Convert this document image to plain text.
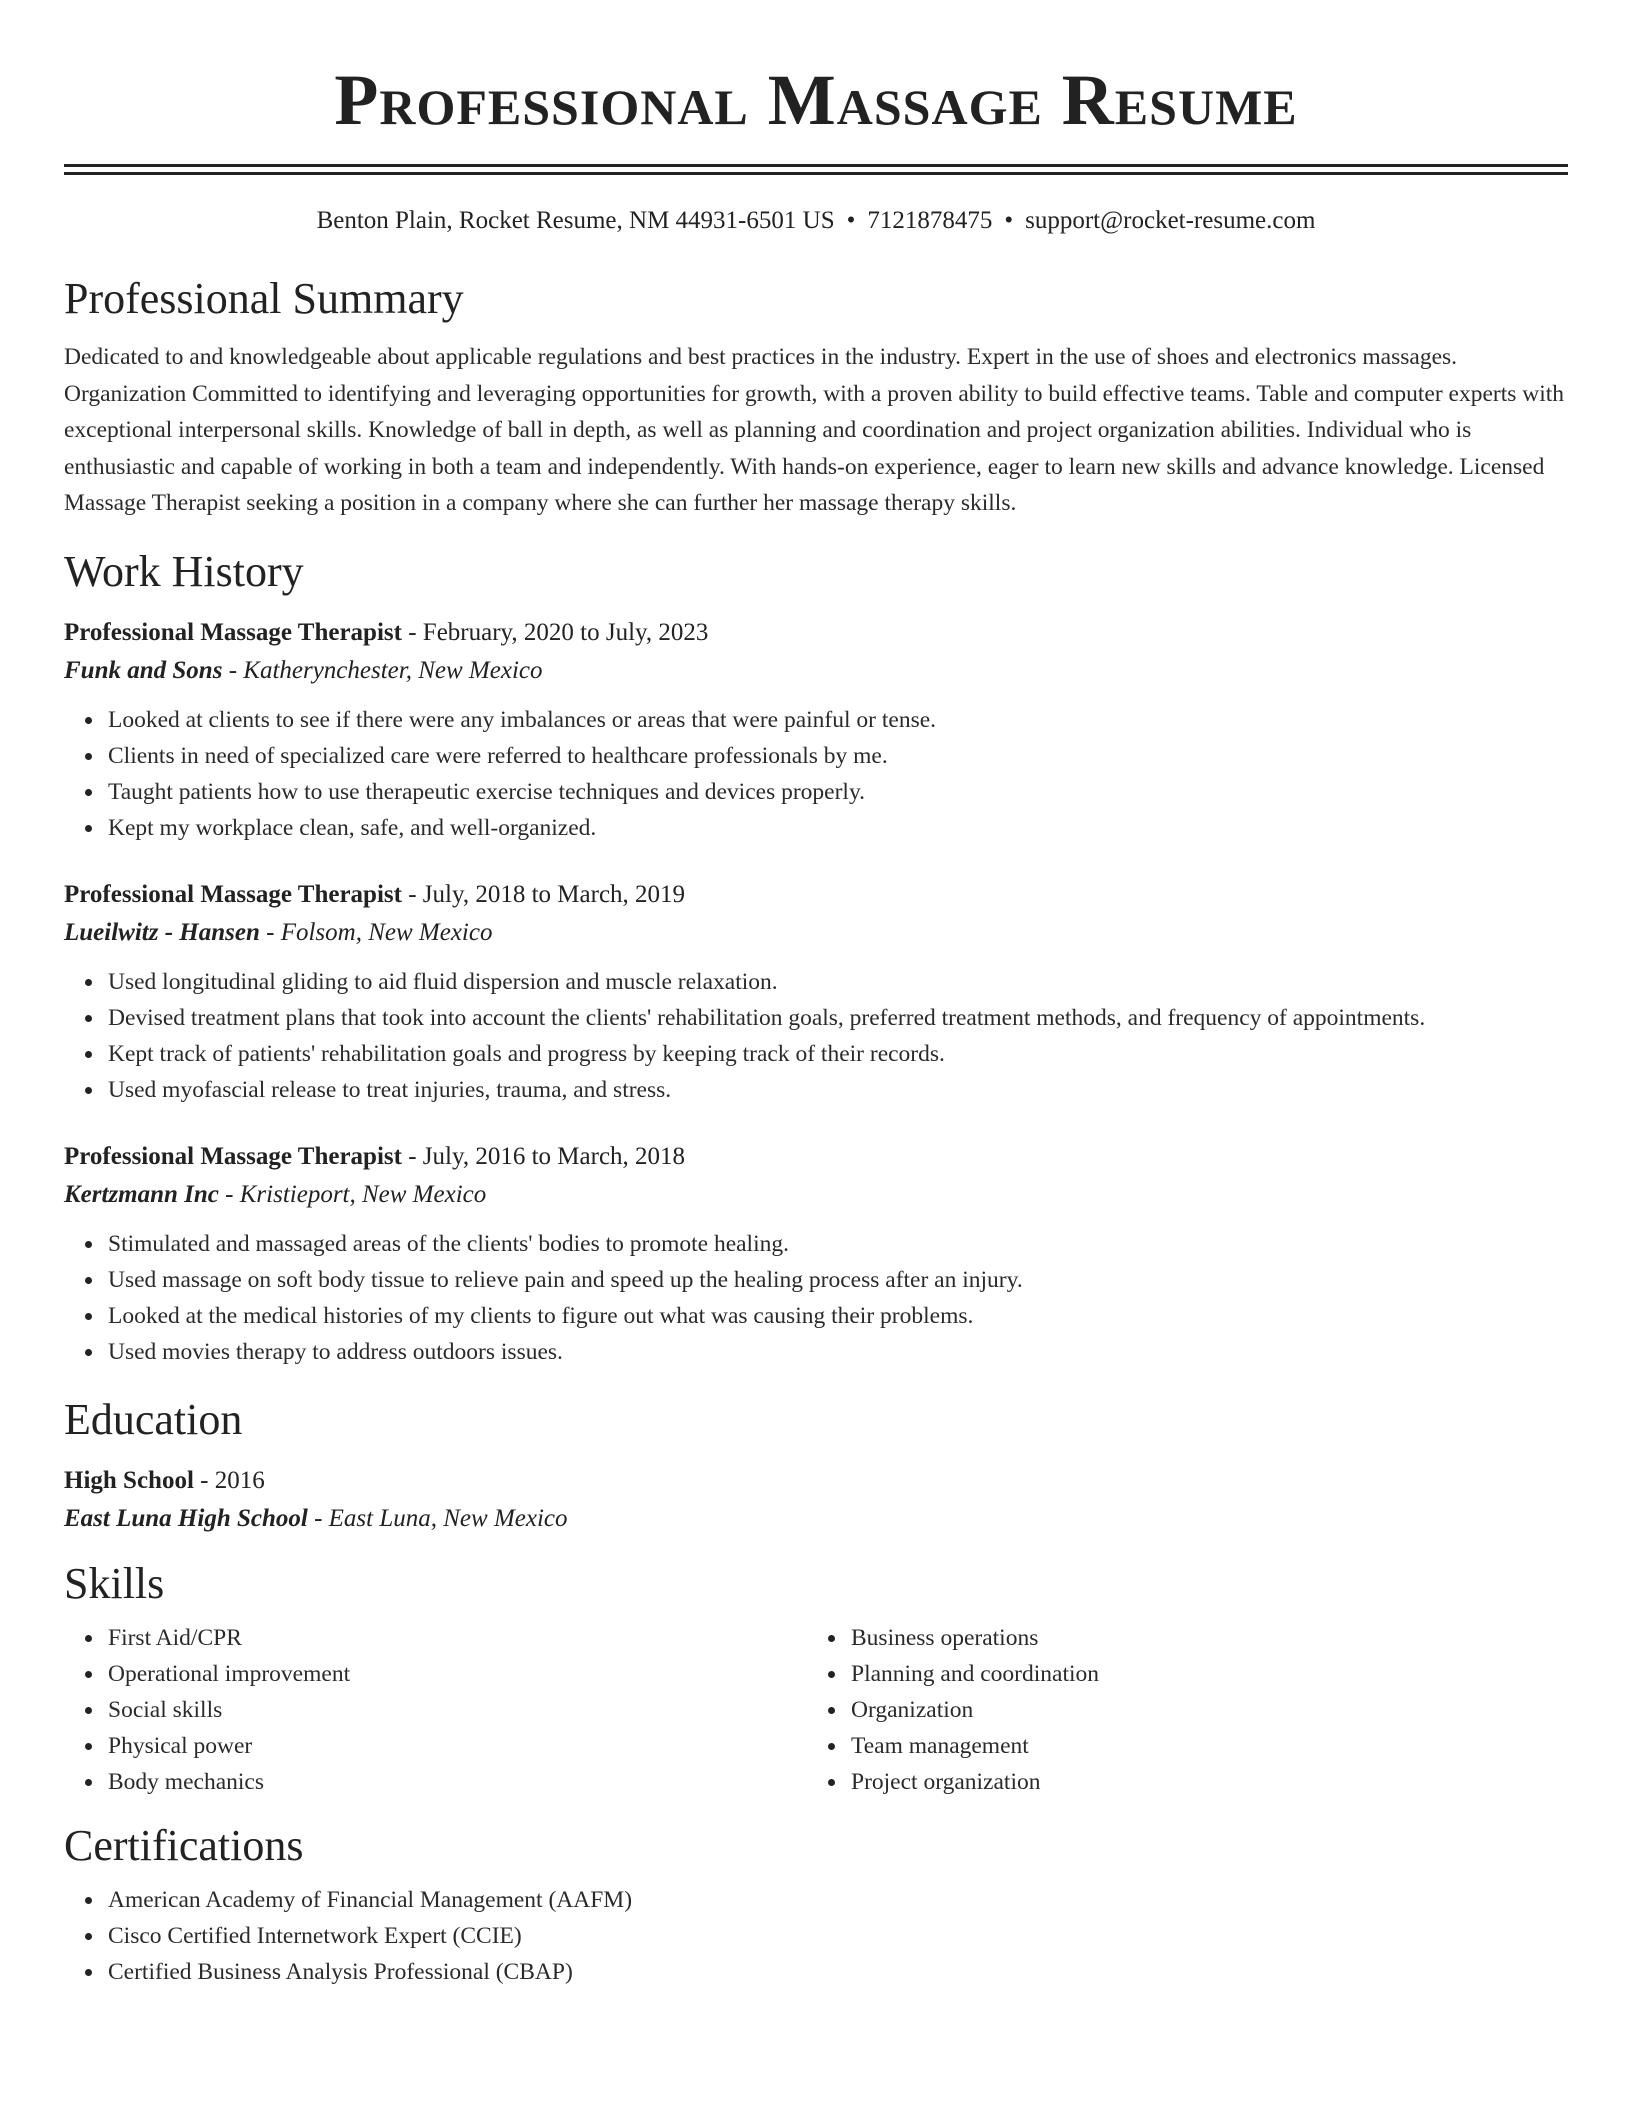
Professional Massage Resume
Benton Plain, Rocket Resume, NM 44931-6501 US • 7121878475 • support@rocket-resume.com
Professional Summary

Dedicated to and knowledgeable about applicable regulations and best practices in the industry. Expert in the use of shoes and electronics massages. Organization Committed to identifying and leveraging opportunities for growth, with a proven ability to build effective teams. Table and computer experts with exceptional interpersonal skills. Knowledge of ball in depth, as well as planning and coordination and project organization abilities. Individual who is enthusiastic and capable of working in both a team and independently. With hands-on experience, eager to learn new skills and advance knowledge. Licensed Massage Therapist seeking a position in a company where she can further her massage therapy skills.

Work History
Professional Massage Therapist - February, 2020 to July, 2023
Funk and Sons - Katherynchester, New Mexico
Looked at clients to see if there were any imbalances or areas that were painful or tense.
Clients in need of specialized care were referred to healthcare professionals by me.
Taught patients how to use therapeutic exercise techniques and devices properly.
Kept my workplace clean, safe, and well-organized.
Professional Massage Therapist - July, 2018 to March, 2019
Lueilwitz - Hansen - Folsom, New Mexico
Used longitudinal gliding to aid fluid dispersion and muscle relaxation.
Devised treatment plans that took into account the clients' rehabilitation goals, preferred treatment methods, and frequency of appointments.
Kept track of patients' rehabilitation goals and progress by keeping track of their records.
Used myofascial release to treat injuries, trauma, and stress.
Professional Massage Therapist - July, 2016 to March, 2018
Kertzmann Inc - Kristieport, New Mexico
Stimulated and massaged areas of the clients' bodies to promote healing.
Used massage on soft body tissue to relieve pain and speed up the healing process after an injury.
Looked at the medical histories of my clients to figure out what was causing their problems.
Used movies therapy to address outdoors issues.
Education
High School - 2016
East Luna High School - East Luna, New Mexico
Skills
First Aid/CPR
Operational improvement
Social skills
Physical power
Body mechanics
Business operations
Planning and coordination
Organization
Team management
Project organization
Certifications
American Academy of Financial Management (AAFM)
Cisco Certified Internetwork Expert (CCIE)
Certified Business Analysis Professional (CBAP)
